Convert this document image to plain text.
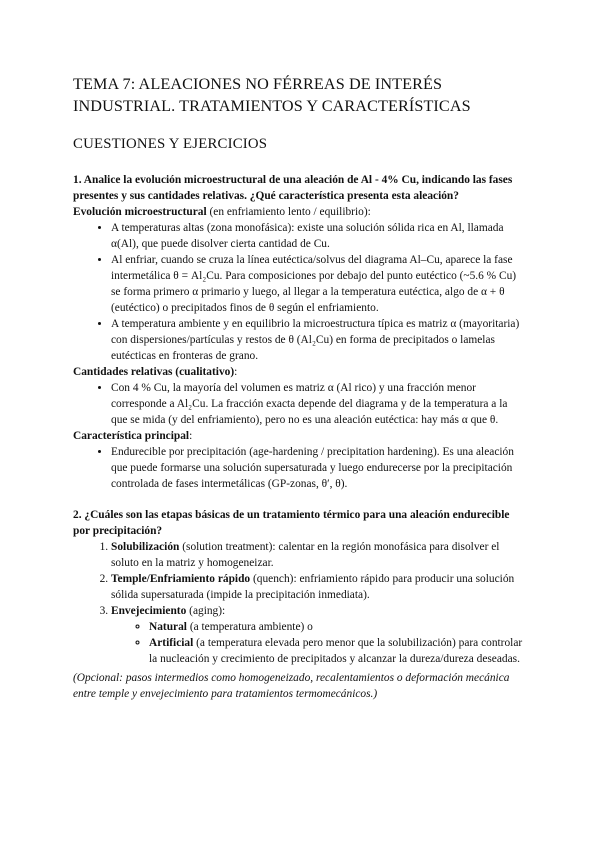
TEMA 7: ALEACIONES NO FÉRREAS DE INTERÉS INDUSTRIAL. TRATAMIENTOS Y CARACTERÍSTICAS
CUESTIONES Y EJERCICIOS

1. Analice la evolución microestructural de una aleación de Al - 4% Cu, indicando las fases presentes y sus cantidades relativas. ¿Qué característica presenta esta aleación?

Evolución microestructural (en enfriamiento lento / equilibrio):

• A temperaturas altas (zona monofásica): existe una solución sólida rica en Al, llamada α(Al), que puede disolver cierta cantidad de Cu.
• Al enfriar, cuando se cruza la línea eutéctica/solvus del diagrama Al–Cu, aparece la fase intermetálica θ = Al₂Cu. Para composiciones por debajo del punto eutéctico (~5.6 % Cu) se forma primero α primario y luego, al llegar a la temperatura eutéctica, algo de α + θ (eutéctico) o precipitados finos de θ según el enfriamiento.
• A temperatura ambiente y en equilibrio la microestructura típica es matriz α (mayoritaria) con dispersiones/partículas y restos de θ (Al₂Cu) en forma de precipitados o lamelas eutécticas en fronteras de grano.

Cantidades relativas (cualitativo):

• Con 4 % Cu, la mayoría del volumen es matriz α (Al rico) y una fracción menor corresponde a Al₂Cu. La fracción exacta depende del diagrama y de la temperatura a la que se mida (y del enfriamiento), pero no es una aleación eutéctica: hay más α que θ.

Característica principal:

• Endurecible por precipitación (age-hardening / precipitation hardening). Es una aleación que puede formarse una solución supersaturada y luego endurecerse por la precipitación controlada de fases intermetálicas (GP-zonas, θ′, θ).

2. ¿Cuáles son las etapas básicas de un tratamiento térmico para una aleación endurecible por precipitación?

1. Solubilización (solution treatment): calentar en la región monofásica para disolver el soluto en la matriz y homogeneizar.
2. Temple/Enfriamiento rápido (quench): enfriamiento rápido para producir una solución sólida supersaturada (impide la precipitación inmediata).
3. Envejecimiento (aging):
◦ Natural (a temperatura ambiente) o
◦ Artificial (a temperatura elevada pero menor que la solubilización) para controlar la nucleación y crecimiento de precipitados y alcanzar la dureza/dureza deseadas.

(Opcional: pasos intermedios como homogeneizado, recalentamientos o deformación mecánica entre temple y envejecimiento para tratamientos termomecánicos.)
